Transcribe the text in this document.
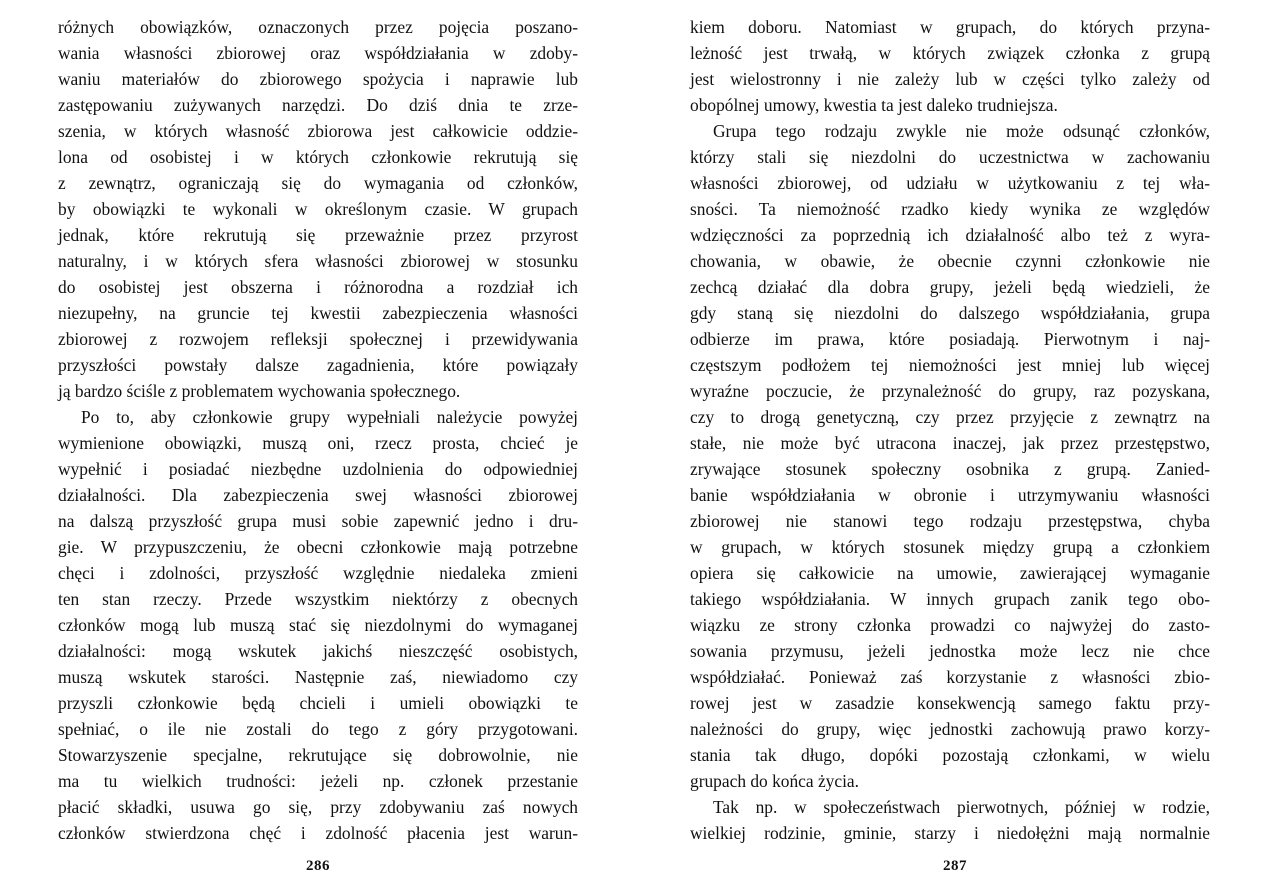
różnych obowiązków, oznaczonych przez pojęcia poszano-
wania własności zbiorowej oraz współdziałania w zdoby-
waniu materiałów do zbiorowego spożycia i naprawie lub
zastępowaniu zużywanych narzędzi. Do dziś dnia te zrze-
szenia, w których własność zbiorowa jest całkowicie oddzie-
lona od osobistej i w których członkowie rekrutują się
z zewnątrz, ograniczają się do wymagania od członków,
by obowiązki te wykonali w określonym czasie. W grupach
jednak, które rekrutują się przeważnie przez przyrost
naturalny, i w których sfera własności zbiorowej w stosunku
do osobistej jest obszerna i różnorodna a rozdział ich
niezupełny, na gruncie tej kwestii zabezpieczenia własności
zbiorowej z rozwojem refleksji społecznej i przewidywania
przyszłości powstały dalsze zagadnienia, które powiązały
ją bardzo ściśle z problematem wychowania społecznego.
Po to, aby członkowie grupy wypełniali należycie powyżej
wymienione obowiązki, muszą oni, rzecz prosta, chcieć je
wypełnić i posiadać niezbędne uzdolnienia do odpowiedniej
działalności. Dla zabezpieczenia swej własności zbiorowej
na dalszą przyszłość grupa musi sobie zapewnić jedno i dru-
gie. W przypuszczeniu, że obecni członkowie mają potrzebne
chęci i zdolności, przyszłość względnie niedaleka zmieni
ten stan rzeczy. Przede wszystkim niektórzy z obecnych
członków mogą lub muszą stać się niezdolnymi do wymaganej
działalności: mogą wskutek jakichś nieszczęść osobistych,
muszą wskutek starości. Następnie zaś, niewiadomo czy
przyszli członkowie będą chcieli i umieli obowiązki te
spełniać, o ile nie zostali do tego z góry przygotowani.
Stowarzyszenie specjalne, rekrutujące się dobrowolnie, nie
ma tu wielkich trudności: jeżeli np. członek przestanie
płacić składki, usuwa go się, przy zdobywaniu zaś nowych
członków stwierdzona chęć i zdolność płacenia jest warun-
kiem doboru. Natomiast w grupach, do których przyna-
leżność jest trwałą, w których związek członka z grupą
jest wielostronny i nie zależy lub w części tylko zależy od
obopólnej umowy, kwestia ta jest daleko trudniejsza.
Grupa tego rodzaju zwykle nie może odsunąć członków,
którzy stali się niezdolni do uczestnictwa w zachowaniu
własności zbiorowej, od udziału w użytkowaniu z tej wła-
sności. Ta niemożność rzadko kiedy wynika ze względów
wdzięczności za poprzednią ich działalność albo też z wyra-
chowania, w obawie, że obecnie czynni członkowie nie
zechcą działać dla dobra grupy, jeżeli będą wiedzieli, że
gdy staną się niezdolni do dalszego współdziałania, grupa
odbierze im prawa, które posiadają. Pierwotnym i naj-
częstszym podłożem tej niemożności jest mniej lub więcej
wyraźne poczucie, że przynależność do grupy, raz pozyskana,
czy to drogą genetyczną, czy przez przyjęcie z zewnątrz na
stałe, nie może być utracona inaczej, jak przez przestępstwo,
zrywające stosunek społeczny osobnika z grupą. Zanied-
banie współdziałania w obronie i utrzymywaniu własności
zbiorowej nie stanowi tego rodzaju przestępstwa, chyba
w grupach, w których stosunek między grupą a członkiem
opiera się całkowicie na umowie, zawierającej wymaganie
takiego współdziałania. W innych grupach zanik tego obo-
wiązku ze strony członka prowadzi co najwyżej do zasto-
sowania przymusu, jeżeli jednostka może lecz nie chce
współdziałać. Ponieważ zaś korzystanie z własności zbio-
rowej jest w zasadzie konsekwencją samego faktu przy-
należności do grupy, więc jednostki zachowują prawo korzy-
stania tak długo, dopóki pozostają członkami, w wielu
grupach do końca życia.
Tak np. w społeczeństwach pierwotnych, później w rodzie,
wielkiej rodzinie, gminie, starzy i niedołężni mają normalnie
286	287
